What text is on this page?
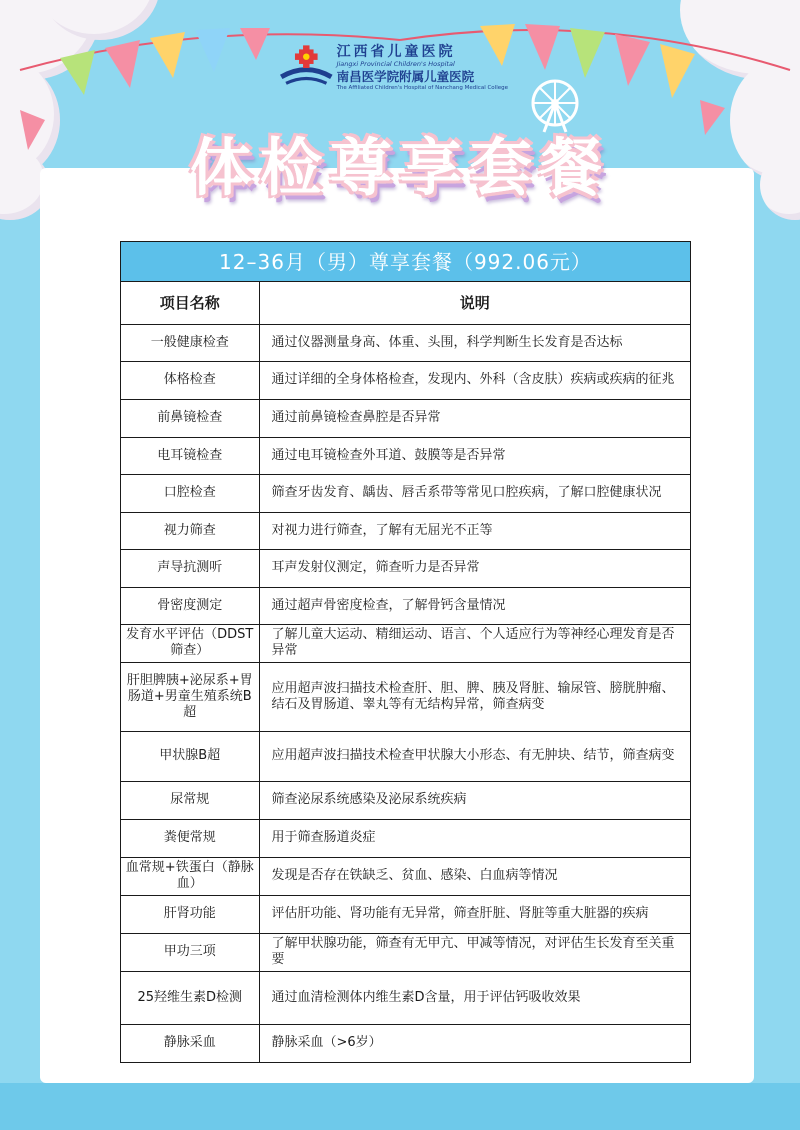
江西省儿童医院
Jiangxi Provincial Children's Hospital
南昌医学院附属儿童医院
The Affiliated Children's Hospital of Nanchang Medical College
体检尊享套餐
12–36月（男）尊享套餐（992.06元）
项目名称	说明
一般健康检查	通过仪器测量身高、体重、头围，科学判断生长发育是否达标
体格检查	通过详细的全身体格检查，发现内、外科（含皮肤）疾病或疾病的征兆
前鼻镜检查	通过前鼻镜检查鼻腔是否异常
电耳镜检查	通过电耳镜检查外耳道、鼓膜等是否异常
口腔检查	筛查牙齿发育、龋齿、唇舌系带等常见口腔疾病，了解口腔健康状况
视力筛查	对视力进行筛查，了解有无屈光不正等
声导抗测听	耳声发射仪测定，筛查听力是否异常
骨密度测定	通过超声骨密度检查，了解骨钙含量情况
发育水平评估（DDST筛查）	了解儿童大运动、精细运动、语言、个人适应行为等神经心理发育是否异常
肝胆脾胰+泌尿系+胃肠道+男童生殖系统B超	应用超声波扫描技术检查肝、胆、脾、胰及肾脏、输尿管、膀胱肿瘤、结石及胃肠道、睾丸等有无结构异常，筛查病变
甲状腺B超	应用超声波扫描技术检查甲状腺大小形态、有无肿块、结节，筛查病变
尿常规	筛查泌尿系统感染及泌尿系统疾病
粪便常规	用于筛查肠道炎症
血常规+铁蛋白（静脉血）	发现是否存在铁缺乏、贫血、感染、白血病等情况
肝肾功能	评估肝功能、肾功能有无异常，筛查肝脏、肾脏等重大脏器的疾病
甲功三项	了解甲状腺功能，筛查有无甲亢、甲减等情况，对评估生长发育至关重要
25羟维生素D检测	通过血清检测体内维生素D含量，用于评估钙吸收效果
静脉采血	静脉采血（>6岁）
